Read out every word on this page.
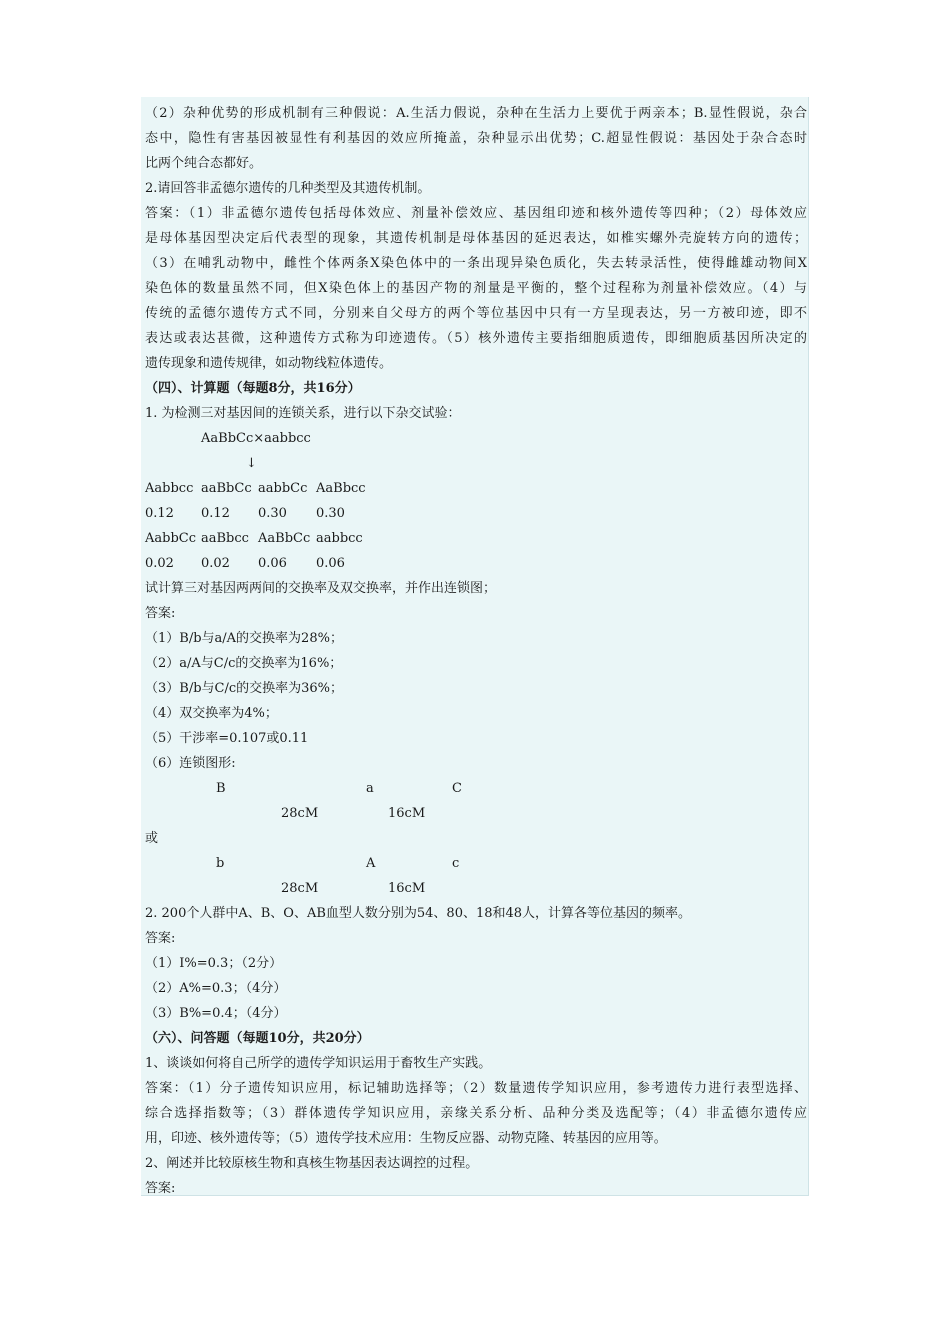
（2）杂种优势的形成机制有三种假说：A.生活力假说，杂种在生活力上要优于两亲本；B.显性假说，杂合
态中，隐性有害基因被显性有利基因的效应所掩盖，杂种显示出优势；C.超显性假说：基因处于杂合态时
比两个纯合态都好。
2.请回答非孟德尔遗传的几种类型及其遗传机制。
答案：（1）非孟德尔遗传包括母体效应、剂量补偿效应、基因组印迹和核外遗传等四种；（2）母体效应
是母体基因型决定后代表型的现象，其遗传机制是母体基因的延迟表达，如椎实螺外壳旋转方向的遗传；
（3）在哺乳动物中，雌性个体两条X染色体中的一条出现异染色质化，失去转录活性，使得雌雄动物间X
染色体的数量虽然不同，但X染色体上的基因产物的剂量是平衡的，整个过程称为剂量补偿效应。（4）与
传统的孟德尔遗传方式不同，分别来自父母方的两个等位基因中只有一方呈现表达，另一方被印迹，即不
表达或表达甚微，这种遗传方式称为印迹遗传。（5）核外遗传主要指细胞质遗传，即细胞质基因所决定的
遗传现象和遗传规律，如动物线粒体遗传。
（四）、计算题（每题8分，共16分）
1. 为检测三对基因间的连锁关系，进行以下杂交试验：
AaBbCc×aabbcc
↓
Aabbcc aaBbCc aabbCc AaBbcc
0.12 0.12 0.30 0.30
AabbCc aaBbcc AaBbCc aabbcc
0.02 0.02 0.06 0.06
试计算三对基因两两间的交换率及双交换率，并作出连锁图；
答案:
（1）B/b与a/A的交换率为28%；
（2）a/A与C/c的交换率为16%；
（3）B/b与C/c的交换率为36%；
（4）双交换率为4%；
（5）干涉率=0.107或0.11
（6）连锁图形:
B	a	C
28cM	16cM
或
b	A	c
28cM	16cM
2. 200个人群中A、B、O、AB血型人数分别为54、80、18和48人，计算各等位基因的频率。
答案:
（1）I%=0.3；（2分）
（2）A%=0.3；（4分）
（3）B%=0.4；（4分）
（六）、问答题（每题10分，共20分）
1、谈谈如何将自己所学的遗传学知识运用于畜牧生产实践。
答案：（1）分子遗传知识应用，标记辅助选择等；（2）数量遗传学知识应用，参考遗传力进行表型选择、
综合选择指数等；（3）群体遗传学知识应用，亲缘关系分析、品种分类及选配等；（4）非孟德尔遗传应
用，印迹、核外遗传等；（5）遗传学技术应用：生物反应器、动物克隆、转基因的应用等。
2、阐述并比较原核生物和真核生物基因表达调控的过程。
答案:
